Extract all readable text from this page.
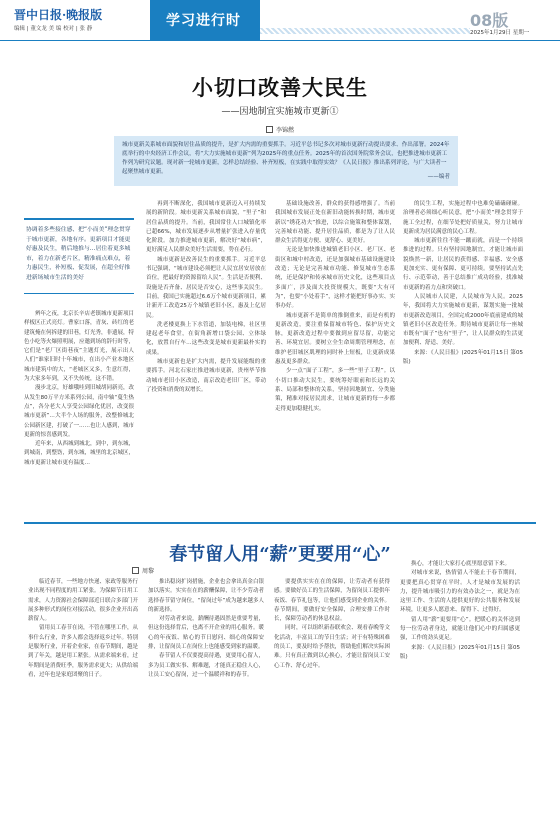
晋中日报·晚报版
编辑 | 董文龙 美 编 校对 | 张 静	学习进行时	08版
2025年1月29日 星期一
小切口改善大民生
——因地制宜实施城市更新①
李锦燃
城市更新关系城市面貌和居住品质的提升，是扩大内需的重要抓手。习近平总书记多次对城市更新行动提出要求、作出部署。2024年底举行的中央经济工作会议，将“大力实施城市更新”列为2025年的重点任务。2025年的首次国务院常务会议，也把推进城市更新工作列为研究议题。现对新一轮城市更新，怎样总结经验、补齐短板，在实践中取得实效？《人民日报》推出系列评论，与广大读者一起聚焦城市更新。
——编者
协调着多些接住感、把“小而美”理念贯穿于城市更新，各地有序。更新项目才能更好惠及民生，稍后地推与…居住着更多城市，着力在新老片区，精准痛点难点，着力惠民生，补短板、促发展，在超全好推进新场城市生活的美好

辨年之夜，北京长辛店老镇城市更新项目样板区正式亮灯。曹家口落，青灰、砖红的老建筑掩在何拆建的旧巷，灯光秀，非遗展，特色小吃等火爆照明展，应邀到场的辞行时等，它们是“老厂区街巷夜”主题灯光，展示出人人们“谁家旧时十年城市，在出小产业本地区城市建筑中的大，“老城区又多，生意红得，为大家多年到，又不失传统，这不错。

漫步北京，好雄哦哇到旧城胡同新亮，改从发生80万平方米系列公园，南中轴“蔓生热点”，各分老大人享受公园绿化优居，改变很城市更新”…大半个人场的服务，改整修城北公园新区建，打破了一……也让人感到，城市更新的惊喜感到发。

近年来，从西城到城北，到中，到东城，到城南，到整饬，到东城，城里的北京城区，城市更新让城市更有温度…

再到不断深化，我国城市更新迈入可持续发展的新阶段。城市更新关系城市面貌，“里子”和居住品质的提升。当前，我国常住人口城镇化率已超66%，城市发展逐步从增量扩张进入存量优化阶段。加力推进城市更新，解决好“城市病”，更好满足人民群众美好生活需要，势在必行。

城市更新是改善民生的重要抓手。习近平总书记强调，“城市建设必须把让人民宜居安居放在首位，把最好的资源留给人民”。生活是否便利、设施是否齐备、居民是否安心，这些事关民生。目前，我国已实施超过6.6万个城市更新项目，累计新开工改造25万个城镇老旧小区，惠及上亿居民。

洗老楼更换上下水管道，加装电梯，社区里建起老年食堂，在街角新增口袋公园、立体绿化，放置自行车…这些改变是城市更新最朴实的成果。

城市更新也是扩大内需，提升发展能级的重要抓手。河北石家庄推进城市更新，贵州毕节推动城市老旧小区改造，南京改造老旧厂区，带动了投资和消费的双增长。

基础设施改善，群众的获得感增强了。当前我国城市发展正处在新旧动能转换时期，城市更新以“绣花功夫”推进，以综合施策和整体谋划，完善城市功能、提升居住品质，都是为了让人民群众生活得更方便、更舒心、更美好。

无论是加快推进城镇老旧小区、老厂区、老街区和城中村改造，还是加强城市基础设施建设改造；无论是完善城市功能、修复城市生态系统，还是保护和传承城市历史文化，这些项目点多面广，涉及面大投资规模大，既要“大有可为”，也要“小处着手”，这样才能把好事办实、实事办好。

城市更新不是简单的推倒重来，而是有机的更新改造，要注重保留城市特色、保护历史文脉，更新改造过程中要做到应留尽留，功能完善、环境宜居。要树立全生命周期管理理念，在维护老旧城区肌理的同时补上短板，让更新成果惠及更多群众。

少一点“面子工程”，多一些“里子工程”。以小切口推动大民生，要统筹好眼前和长远的关系、局部和整体的关系，坚持因地制宜、分类施策，精准对接居民需求，让城市更新的每一步都走得更加稳健扎实。

的民生工程，实施过程中也难免磕磕碰碰。治理者必须细心听民意，把“小而美”理念贯穿于施工全过程，在细节处把好质量关，努力让城市更新成为居民满意的民心工程。

城市更新往往不能一蹴而就，而是一个持续推进的过程。只有坚持因地制宜，才能让城市面貌焕然一新，让居民的获得感、幸福感、安全感更加充实、更有保障、更可持续。要坚持试点先行、示范带动，善于总结推广成功经验，找准城市更新的着力点和突破口。

人民城市人民建，人民城市为人民。2025年，我国将大力实施城市更新，谋划实施一批城市更新改造项目，全国完成2000年底前建成的城镇老旧小区改造任务。期待城市更新让每一座城市既有“面子”也有“里子”，让人民群众的生活更加便利、舒适、美好。

来源：《人民日报》(2025年01月15日 第05版)

春节留人用“薪”更要用“心”
周黎

临近春节，一些地方快递、家政等服务行业出现不同程度的用工紧张。为保障节日用工需求，人力资源社会保障部近日联合多部门开展多种形式的岗位对接活动，很多企业开出高薪留人。

留用员工春节在岗，不管在哪里工作，从事什么行业，许多人都会选择返乡过年。特别是服务行业，开着企业家，在春节期间，越是到了年关，越是用工紧张。从需求端来看，过年期间是消费旺季，服务需求更大；从供给端看，过年也是家庭团聚的日子。

推出稳岗扩岗措施，企业也会拿出真金白银加以落实。实实在在的薪酬保障，让不少劳动者选择春节留守岗位，“留岗过年”成为越来越多人的新选择。

对劳动者来说，薪酬待遇固然是重要考量，但这份选择背后，也离不开企业的用心服务。暖心的年夜饭、贴心的节日慰问、细心的保障安排，让留岗员工在岗位上也能感受到家的温暖。

春节留人不仅要提高待遇，更要用心留人，多为员工做实事、解难题，才能真正稳住人心，让员工安心留岗，过一个温暖祥和的春节。

要提供实实在在的保障，让劳动者有获得感。要做好员工的生活保障，为留岗员工提供年夜饭、春节礼包等，让他们感受到企业的关怀。春节期间，要做好安全保障，合理安排工作时长，保障劳动者的休息权益。

同时，可以组织新春联欢会、观看春晚等文化活动，丰富员工的节日生活；对于有特殊困难的员工，要及时给予帮扶，帮助他们解决实际困难。只有真正做到以心换心，才能让留岗员工安心工作、舒心过年。

换心，才能让大家打心底里愿意留下来。

对城市来说，热情留人不能止于春节期间，更要把真心贯穿在平时。人才是城市发展的活力，提升城市吸引力的有效办法之一，就是为在这里工作、生活的人提供更好的公共服务和发展环境，让更多人愿意来、留得下、过得好。

留人用“薪”更要用“心”。把暖心的关怀送到每一位劳动者身边，就能让他们心中的归属感更强，工作的劲头更足。

来源：《人民日报》(2025年01月15日 第05版)
